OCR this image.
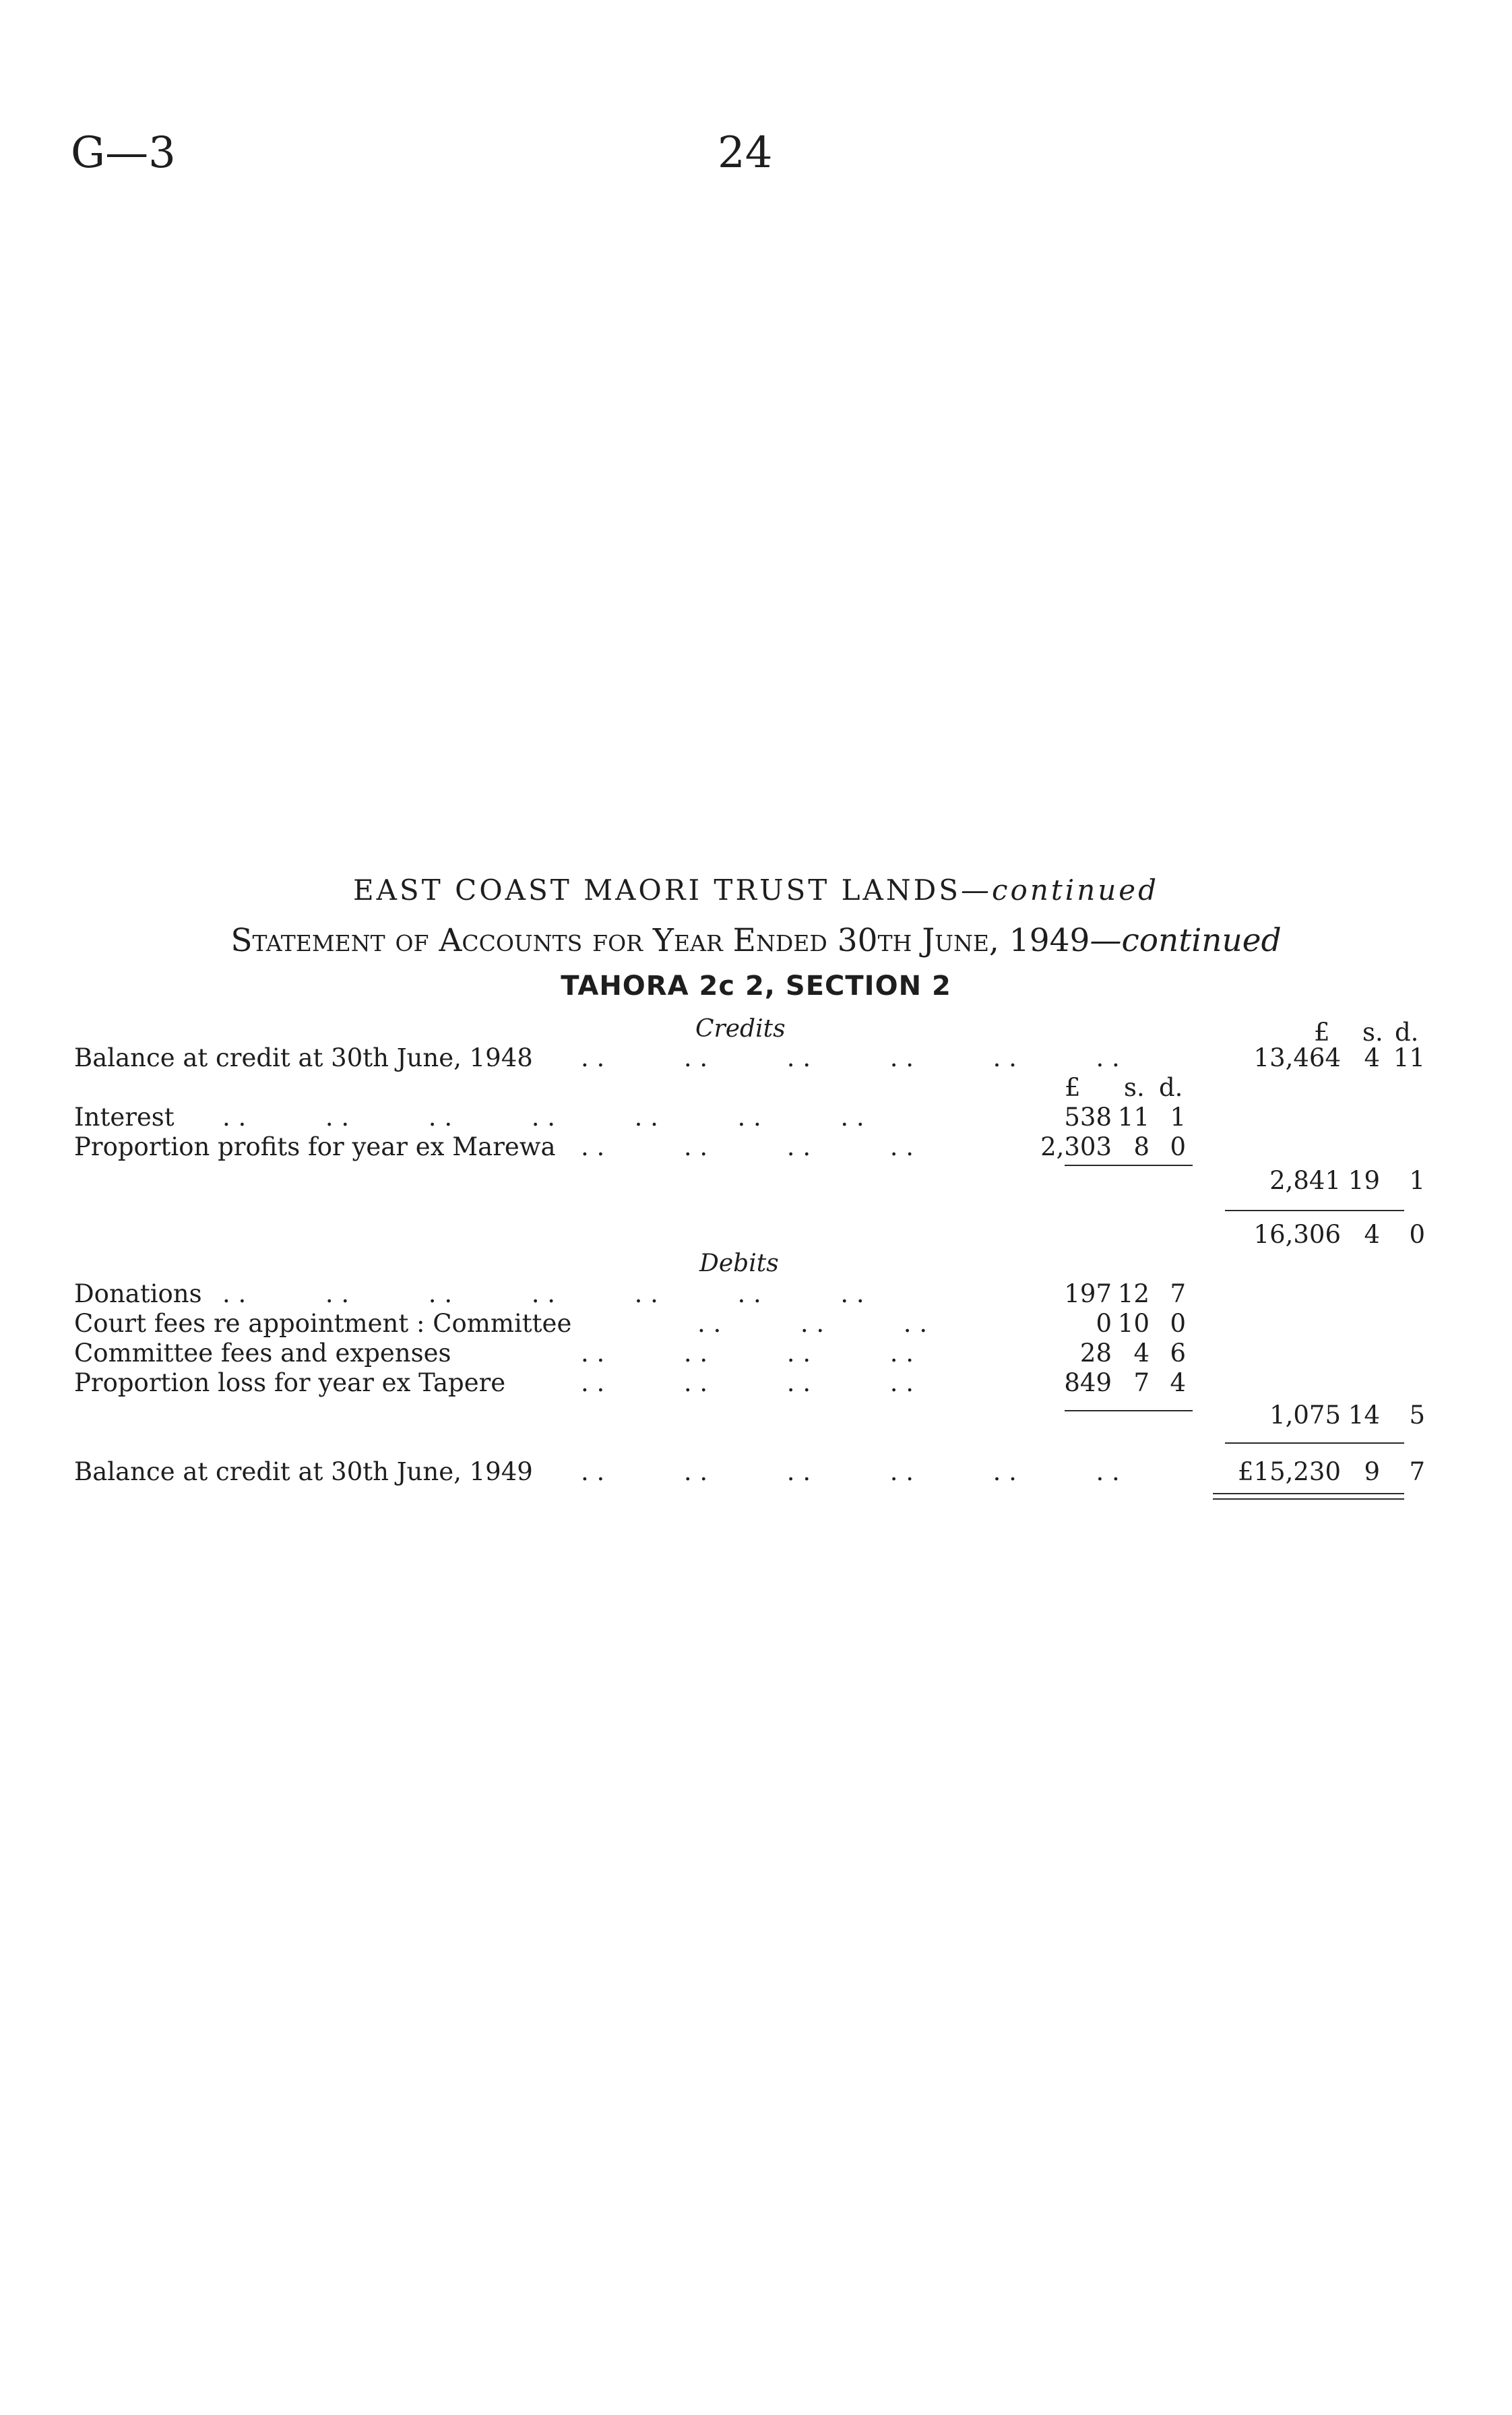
G—3	24
EAST COAST MAORI TRUST LANDS—continued
Statement of Accounts for Year Ended 30th June, 1949—continued
TAHORA 2c 2, SECTION 2
Credits	£ s. d.
Balance at credit at 30th June, 1948 . .          . .          . .          . .          . .          . .	13,464 4 11
£ s. d.
Interest . .          . .          . .          . .          . .          . .          . .	538 11 1
Proportion profits for year ex Marewa . .          . .          . .          . .	2,303 8 0
2,841 19	1
16,306 4	0
Debits
Donations . .          . .          . .          . .          . .          . .          . .	197 12 7
Court fees re appointment : Committee	. .          . .          . .	0 10 0
Committee fees and expenses	. .          . .          . .          . .	28 4 6
Proportion loss for year ex Tapere	. .          . .          . .          . .	849 7 4
1,075 14	5
Balance at credit at 30th June, 1949 . .          . .          . .          . .          . .          . .	£15,230 9	7
